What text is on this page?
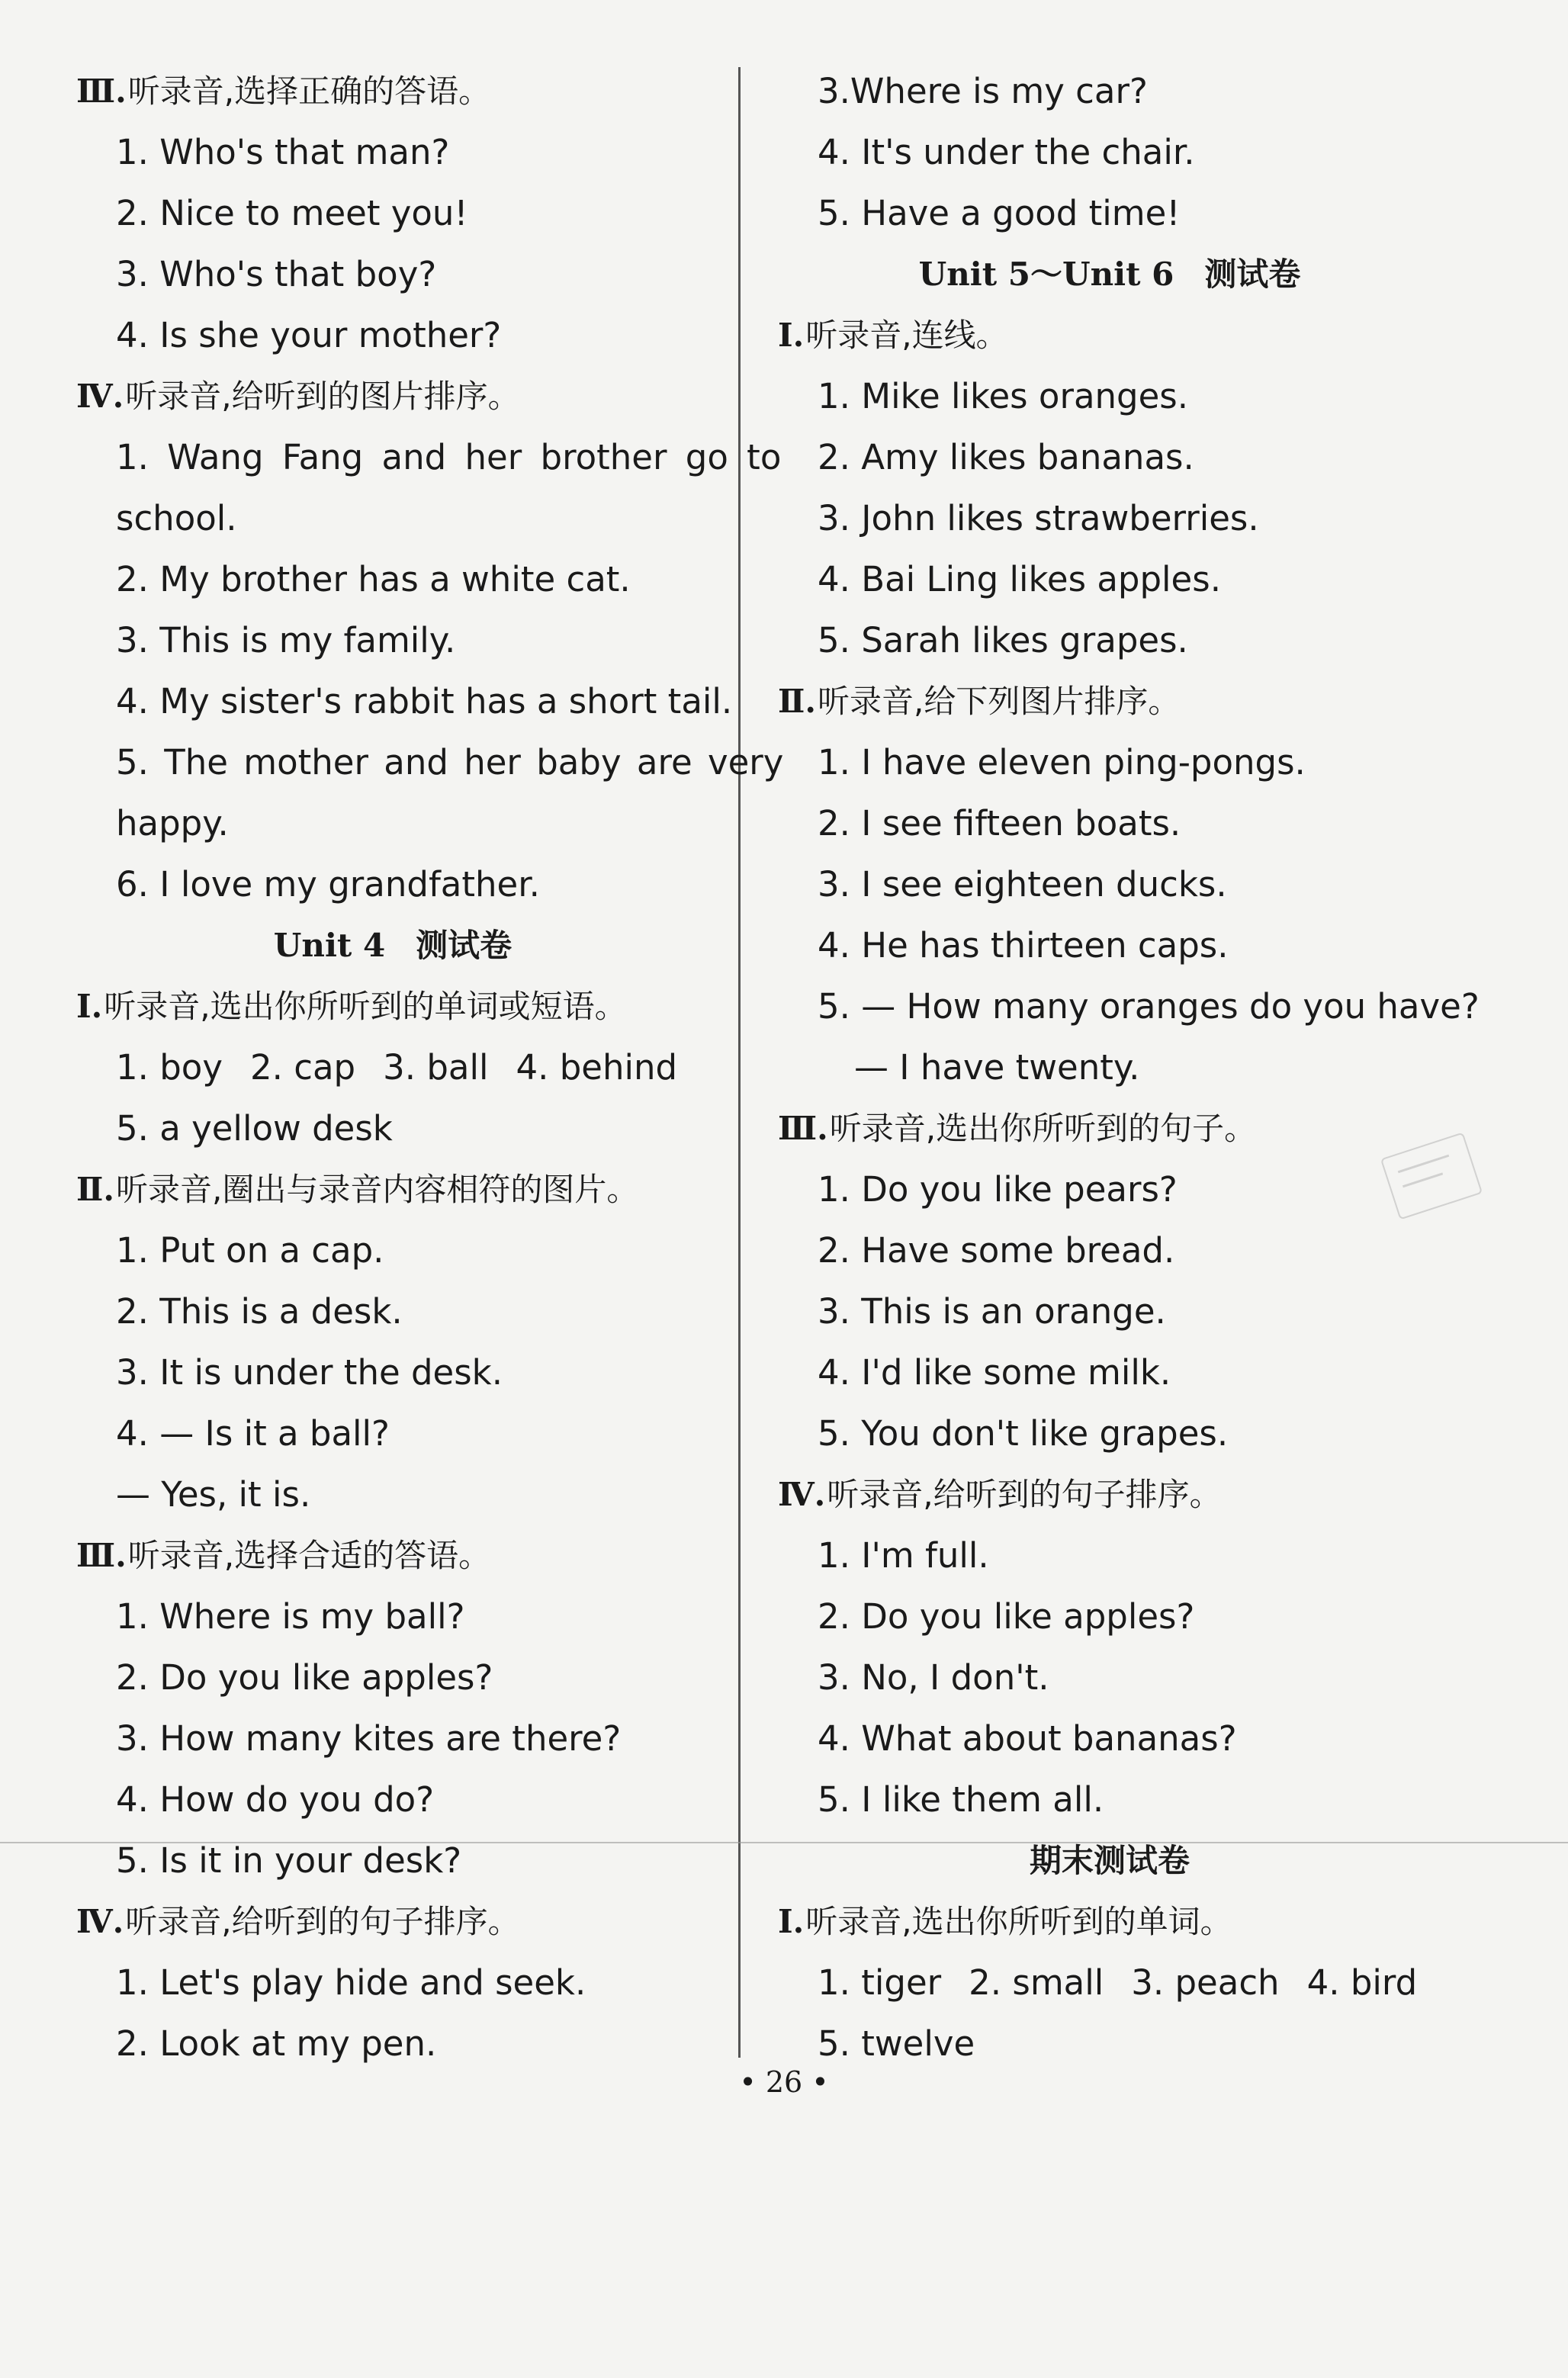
Ⅲ.听录音,选择正确的答语。
1. Who's that man?
2. Nice to meet you!
3. Who's that boy?
4. Is she your mother?
Ⅳ.听录音,给听到的图片排序。
1. Wang Fang and her brother go to
school.
2. My brother has a white cat.
3. This is my family.
4. My sister's rabbit has a short tail.
5. The mother and her baby are very
happy.
6. I love my grandfather.
Unit 4 测试卷
Ⅰ.听录音,选出你所听到的单词或短语。
1. boy 2. cap 3. ball 4. behind
5. a yellow desk
Ⅱ.听录音,圈出与录音内容相符的图片。
1. Put on a cap.
2. This is a desk.
3. It is under the desk.
4. — Is it a ball?
— Yes, it is.
Ⅲ.听录音,选择合适的答语。
1. Where is my ball?
2. Do you like apples?
3. How many kites are there?
4. How do you do?
5. Is it in your desk?
Ⅳ.听录音,给听到的句子排序。
1. Let's play hide and seek.
2. Look at my pen.
3.Where is my car?
4. It's under the chair.
5. Have a good time!
Unit 5～Unit 6 测试卷
Ⅰ.听录音,连线。
1. Mike likes oranges.
2. Amy likes bananas.
3. John likes strawberries.
4. Bai Ling likes apples.
5. Sarah likes grapes.
Ⅱ.听录音,给下列图片排序。
1. I have eleven ping-pongs.
2. I see fifteen boats.
3. I see eighteen ducks.
4. He has thirteen caps.
5. — How many oranges do you have?
— I have twenty.
Ⅲ.听录音,选出你所听到的句子。
1. Do you like pears?
2. Have some bread.
3. This is an orange.
4. I'd like some milk.
5. You don't like grapes.
Ⅳ.听录音,给听到的句子排序。
1. I'm full.
2. Do you like apples?
3. No, I don't.
4. What about bananas?
5. I like them all.
期末测试卷
Ⅰ.听录音,选出你所听到的单词。
1. tiger 2. small 3. peach 4. bird
5. twelve
• 26 •
